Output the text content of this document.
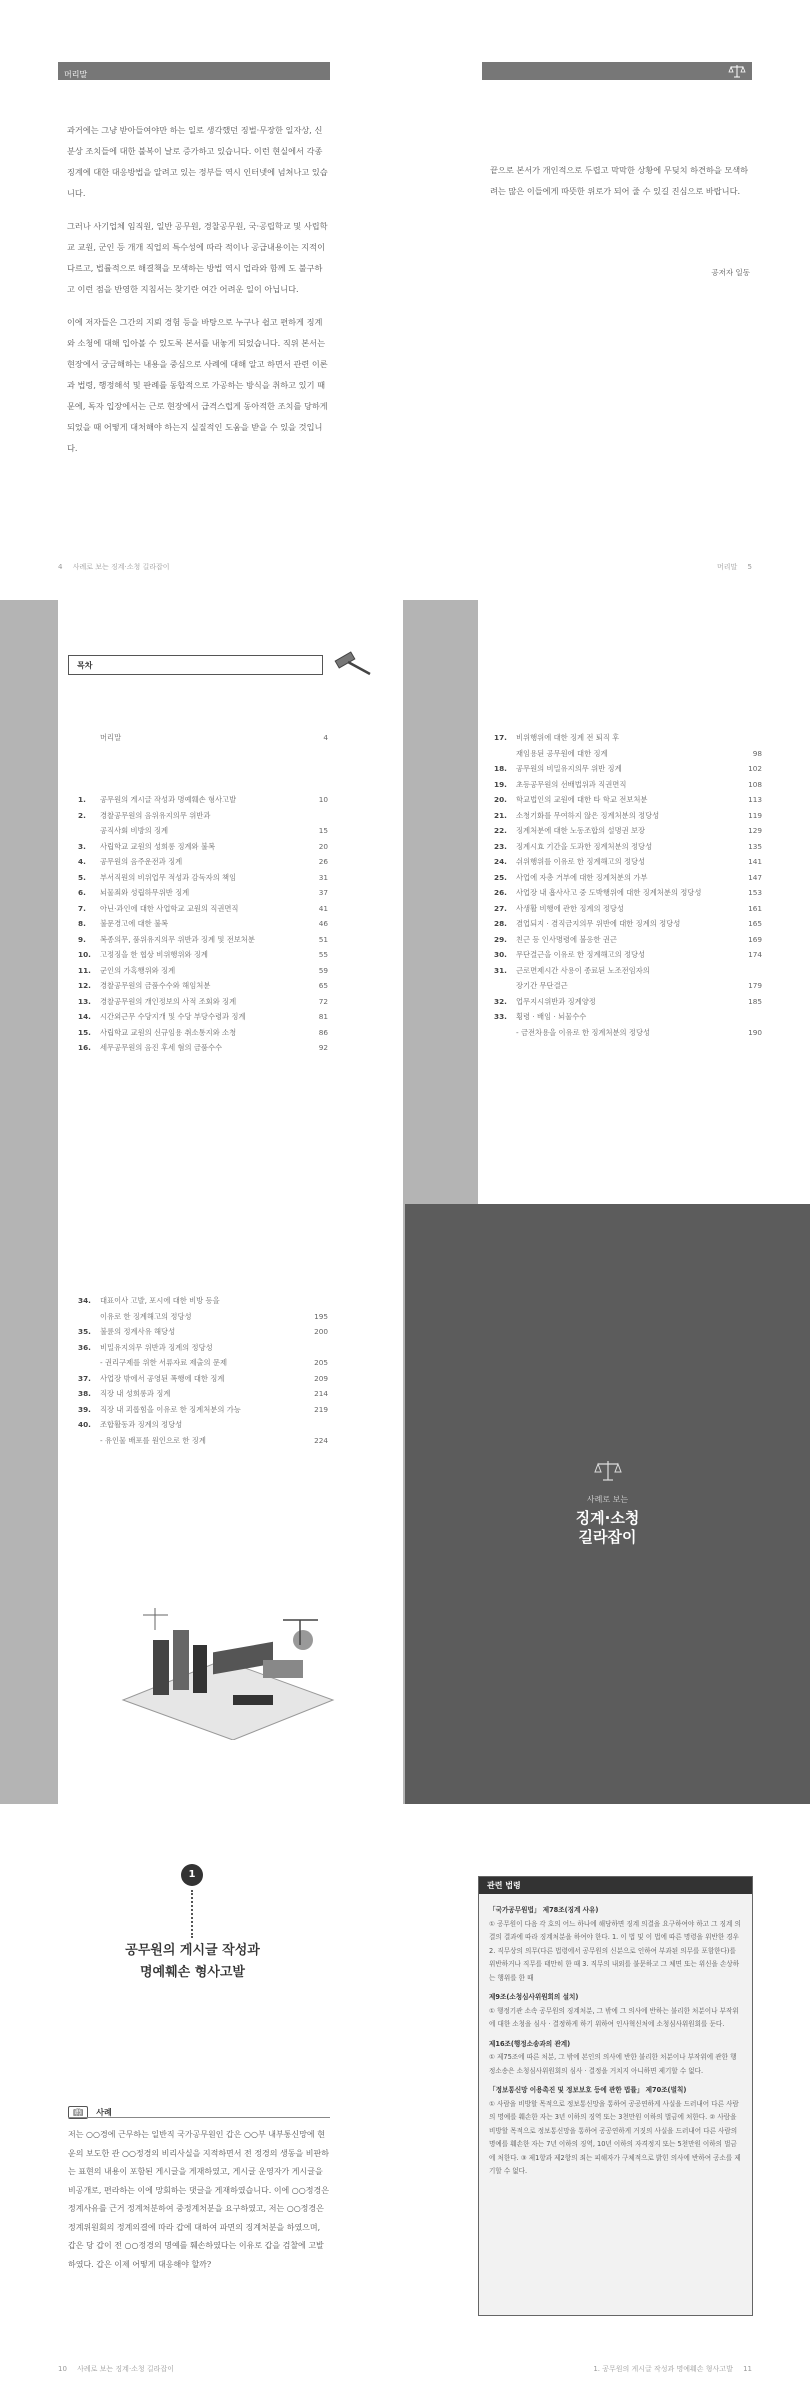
머리말

과거에는 그냥 받아들여야만 하는 일로 생각했던 징벌·무장한 일자상, 신분상 조치들에 대한 불복이 날로 증가하고 있습니다. 이런 현실에서 각종 징계에 대한 대응방법을 알려고 있는 정부들 역시 인터넷에 넘쳐나고 있습니다.

그러나 사기업체 임직원, 일반 공무원, 경찰공무원, 국·공립학교 및 사립학교 교원, 군인 등 개개 직업의 특수성에 따라 적이나 공급내용이는 지적이 다르고, 법률적으로 해결책을 모색하는 방법 역시 업라와 함께 도 불구하고 이런 점을 반영한 지침서는 찾기란 여간 어려운 일이 아닙니다.

이에 저자들은 그간의 지뢰 경험 등을 바탕으로 누구나 쉽고 편하게 징계와 소청에 대해 입아볼 수 있도록 본서를 내놓게 되었습니다. 직위 본서는 현장에서 궁금해하는 내용을 중심으로 사례에 대해 알고 하면서 관련 이론과 법령, 행정해석 및 판례를 동합적으로 가공하는 방식을 취하고 있기 때문에, 독자 입장에서는 근로 현장에서 급격스럽게 동아적한 조치를 당하게 되었을 때 어떻게 대처해야 하는지 실질적인 도움을 받을 수 있을 것입니다.

4 사례로 보는 징계·소청 길라잡이

끝으로 본서가 개인적으로 두렵고 막막한 상황에 무딪치 하견하을 모색하려는 많은 이들에게 따뜻한 위로가 되어 줄 수 있길 진심으로 바랍니다.

공저자 일동
머리말 5
목차
머리말	4
1.	공무원의 게시글 작성과 명예훼손 형사고발	10
2.	경찰공무원의 음위유지의무 위반과
공직사회 비방의 징계	15
3.	사립학교 교원의 성희롱 징계와 불복	20
4.	공무원의 음주운전과 징계	26
5.	부서직원의 비위업무 적성과 감독자의 책임	31
6.	뇌물죄와 성립하무위반 징계	37
7.	아닌·과인에 대한 사업학교 교원의 직권면직	41
8.	불문경고에 대한 불복	46
9.	복종의무, 품위유지의무 위반과 징계 및 전보처분	51
10.	고정징을 한 협상 비위행위와 징계	55
11.	군인의 가혹행위와 징계	59
12.	경찰공무원의 금품수수와 해임처분	65
13.	경찰공무원의 개인정보의 사적 조회와 징계	72
14.	시간외근무 수당지개 및 수당 부당수령과 징계	81
15.	사립학교 교원의 신규임용 취소통지와 소청	86
16.	세무공무원의 음진 후세 혐의 금품수수	92
34.	대표이사 고발, 포시에 대한 비방 등을
이유로 한 징계해고의 정당성	195
35.	불륜의 정계사유 해당성	200
36.	비밀유지의무 위반과 징계의 정당성
- 권리구제를 위한 서류자료 제출의 문제	205
37.	사업장 밖에서 공영된 폭행에 대한 징계	209
38.	직장 내 성희롱과 징계	214
39.	직장 내 괴롭힘을 이유로 한 징계처분의 가능	219
40.	조합활동과 징계의 정당성
- 유인물 배포를 원인으로 한 징계	224
17.	비위행위에 대한 징계 전 퇴직 후
재임용된 공무원에 대한 징계	98
18.	공무원의 비밀유지의무 위반 징계	102
19.	초등공무원의 선배법위과 직권면직	108
20.	학교법인의 교원에 대한 타 학교 전보처분	113
21.	소청기화를 무여하지 않은 징계처분의 정당성	119
22.	징계처분에 대한 노동조합의 설명권 보장	129
23.	징계시효 기간을 도과한 징계처분의 정당성	135
24.	쉬위행위를 이유로 한 징계해고의 정당성	141
25.	사업에 자총 거부에 대한 징계처분의 가부	147
26.	사업장 내 흡사사고 중 도박행위에 대한 징계처분의 정당성	153
27.	사생활 비행에 관한 징계의 정당성	161
28.	겸업되지 · 겸직금지의무 위반에 대한 징계의 정당성	165
29.	친근 등 인사명령에 불응한 권근	169
30.	무단결근을 이유로 한 징계해고의 정당성	174
31.	근로면제시간 사용이 종료된 노조전임자의
장기간 무단결근	179
32.	업무지시위반과 징계양정	185
33.	횡령 · 배임 · 뇌물수수
- 금전차용을 이유로 한 징계처분의 정당성	190
사례로 보는
징계·소청
길라잡이
1
공무원의 게시글 작성과
명예훼손 형사고발
📖︎ 사례
저는 ○○경에 근무하는 일반직 국가공무원인 갑은 ○○부 내부통신망에 현운의 보도한 관 ○○정경의 비리사실을 지적하면서 전 정경의 생동을 비판하는 표현의 내용이 포함된 게시글을 게재하였고, 게시글 운영자가 게시글을 비공개로, 편라하는 이에 망회하는 댓글을 게재하였습니다. 이에 ○○정경은 정계사유를 근거 정계처분하여 중정계처분을 요구하였고, 저는 ○○정경은 정계위원회의 정계의결에 따라 갑에 대하여 파면의 징계처분을 하였으며, 갑은 당 갑이 전 ○○정경의 명예를 훼손하였다는 이유로 갑을 검찰에 고발하였다. 갑은 이제 어떻게 대응해야 할까?
10 사례로 보는 징계·소청 길라잡이
관련 법령
「국가공무원법」 제78조(징계 사유)
① 공무원이 다음 각 호의 어느 하나에 해당하면 징계 의결을 요구하여야 하고 그 징계 의결의 결과에 따라 징계처분을 하여야 한다. 1. 이 법 및 이 법에 따른 명령을 위반한 경우 2. 직무상의 의무(다른 법령에서 공무원의 신분으로 인하여 부과된 의무를 포함한다)를 위반하거나 직무를 태만히 한 때 3. 직무의 내외를 불문하고 그 체면 또는 위신을 손상하는 행위를 한 때
제9조(소청심사위원회의 설치)
① 행정기관 소속 공무원의 징계처분, 그 밖에 그 의사에 반하는 불리한 처분이나 부작위에 대한 소청을 심사 · 결정하게 하기 위하여 인사혁신처에 소청심사위원회를 둔다.
제16조(행정소송과의 관계)
① 제75조에 따른 처분, 그 밖에 본인의 의사에 반한 불리한 처분이나 부작위에 관한 행정소송은 소청심사위원회의 심사 · 결정을 거치지 아니하면 제기할 수 없다.
「정보통신망 이용촉진 및 정보보호 등에 관한 법률」 제70조(벌칙)
① 사람을 비방할 목적으로 정보통신망을 통하여 공공연하게 사실을 드러내어 다른 사람의 명예를 훼손한 자는 3년 이하의 징역 또는 3천만원 이하의 벌금에 처한다. ② 사람을 비방할 목적으로 정보통신망을 통하여 공공연하게 거짓의 사실을 드러내어 다른 사람의 명예를 훼손한 자는 7년 이하의 징역, 10년 이하의 자격정지 또는 5천만원 이하의 벌금에 처한다. ③ 제1항과 제2항의 죄는 피해자가 구체적으로 밝힌 의사에 반하여 공소를 제기할 수 없다.
1. 공무원의 게시글 작성과 명예훼손 형사고발 11
